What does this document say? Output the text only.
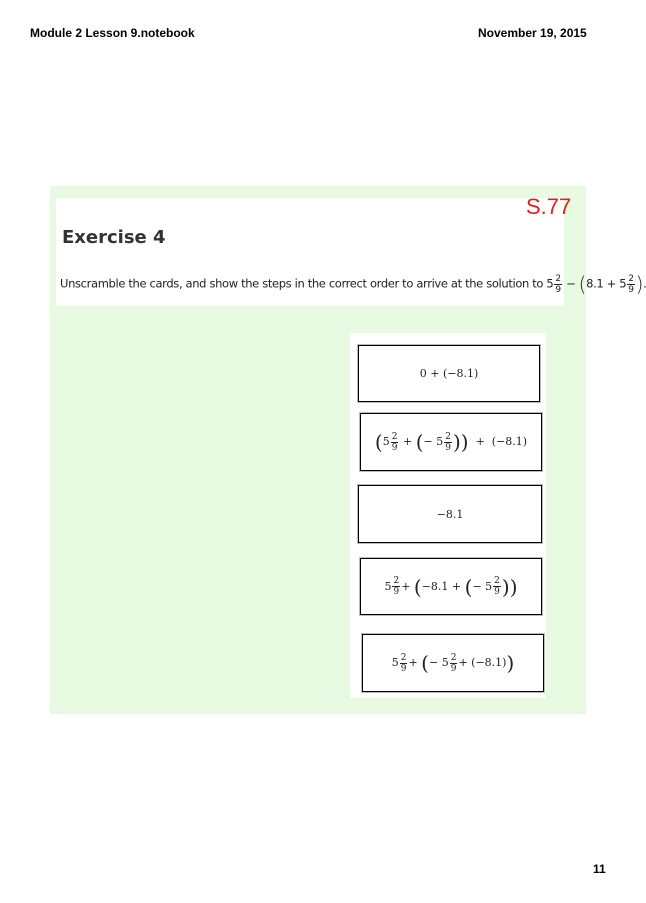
Module 2 Lesson 9.notebook	November 19, 2015
Exercise 4
Unscramble the cards, and show the steps in the correct order to arrive at the solution to $5 \frac{2}{9} - (8.1 + 5 \frac{2}{9}$ )
S.77
0 + (−8.1)
($5 \frac{2}{9}$ + (− $5 \frac{2}{9}$ ))  +  (−8.1)
−8.1
$5 \frac{2}{9} + (-8.1$ + (− $5 \frac{2}{9}$ ))
$5 \frac{2}{9}$ + (− $5 \frac{2}{9} + (-8.1)$)
11
